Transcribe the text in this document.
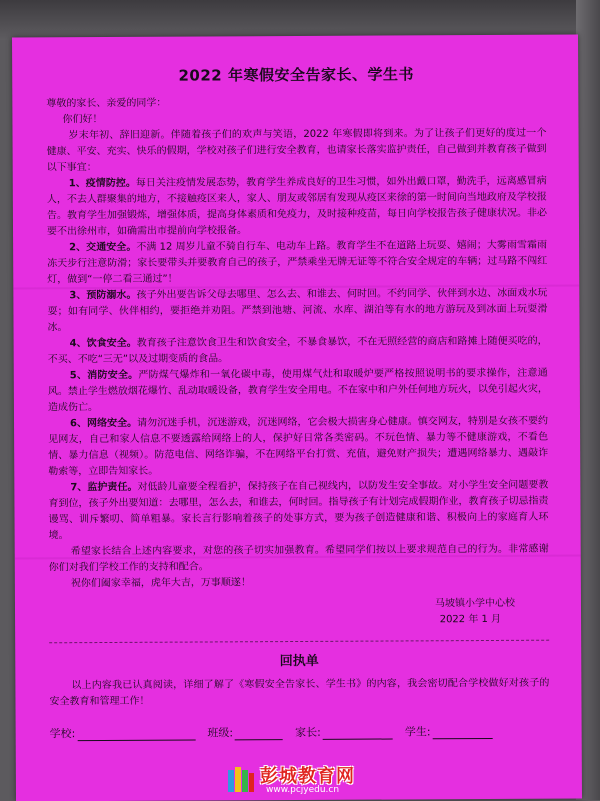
2022 年寒假安全告家长、学生书
尊敬的家长、亲爱的同学：
你们好！

岁末年初、辞旧迎新。伴随着孩子们的欢声与笑语，2022 年寒假即将到来。为了让孩子们更好的度过一个健康、平安、充实、快乐的假期，学校对孩子们进行安全教育，也请家长落实监护责任，自己做到并教育孩子做到以下事宜：

1、疫情防控。每日关注疫情发展态势，教育学生养成良好的卫生习惯，如外出戴口罩，勤洗手，远离感冒病人，不去人群聚集的地方，不接触疫区来人，家人、朋友或邻居有发现从疫区来徐的第一时间向当地政府及学校报告。教育学生加强锻炼，增强体质，提高身体素质和免疫力，及时接种疫苗，每日向学校报告孩子健康状况。非必要不出徐州市，如确需出市提前向学校报备。

2、交通安全。不满 12 周岁儿童不骑自行车、电动车上路。教育学生不在道路上玩耍、嬉闹；大雾雨雪霜雨冻天步行注意防滑；家长要带头并要教育自己的孩子，严禁乘坐无牌无证等不符合安全规定的车辆；过马路不闯红灯，做到“一停二看三通过”！

3、预防溺水。孩子外出要告诉父母去哪里、怎么去、和谁去、何时回。不约同学、伙伴到水边、冰面戏水玩耍；如有同学、伙伴相约，要拒绝并劝阻。严禁到池塘、河流、水库、湖泊等有水的地方游玩及到冰面上玩耍滑冰。

4、饮食安全。教育孩子注意饮食卫生和饮食安全，不暴食暴饮，不在无照经营的商店和路摊上随便买吃的，不买、不吃“三无”以及过期变质的食品。

5、消防安全。严防煤气爆炸和一氧化碳中毒，使用煤气灶和取暖炉要严格按照说明书的要求操作，注意通风。禁止学生燃放烟花爆竹、乱动取暖设备，教育学生安全用电。不在家中和户外任何地方玩火，以免引起火灾，造成伤亡。

6、网络安全。请勿沉迷手机，沉迷游戏，沉迷网络，它会极大损害身心健康。慎交网友，特别是女孩不要约见网友，自己和家人信息不要透露给网络上的人，保护好日常各类密码。不玩色情、暴力等不健康游戏，不看色情、暴力信息（视频）。防范电信、网络诈骗，不在网络平台打赏、充值，避免财产损失；遭遇网络暴力、遇敲诈勒索等，立即告知家长。

7、监护责任。对低龄儿童要全程看护，保持孩子在自己视线内，以防发生安全事故。对小学生安全问题要教育到位，孩子外出要知道：去哪里，怎么去，和谁去，何时回。指导孩子有计划完成假期作业，教育孩子切忌指责谩骂、训斥繁叨、简单粗暴。家长言行影响着孩子的处事方式，要为孩子创造健康和谐、积极向上的家庭育人环境。

希望家长结合上述内容要求，对您的孩子切实加强教育。希望同学们按以上要求规范自己的行为。非常感谢你们对我们学校工作的支持和配合。

祝你们阖家幸福，虎年大吉，万事顺遂！

马坡镇小学中心校
2022 年 1 月
回执单

以上内容我已认真阅读，详细了解了《寒假安全告家长、学生书》的内容，我会密切配合学校做好对孩子的安全教育和管理工作！

学校:	班级:	家长:	学生:
彭城教育网
www.pcjyedu.cn
